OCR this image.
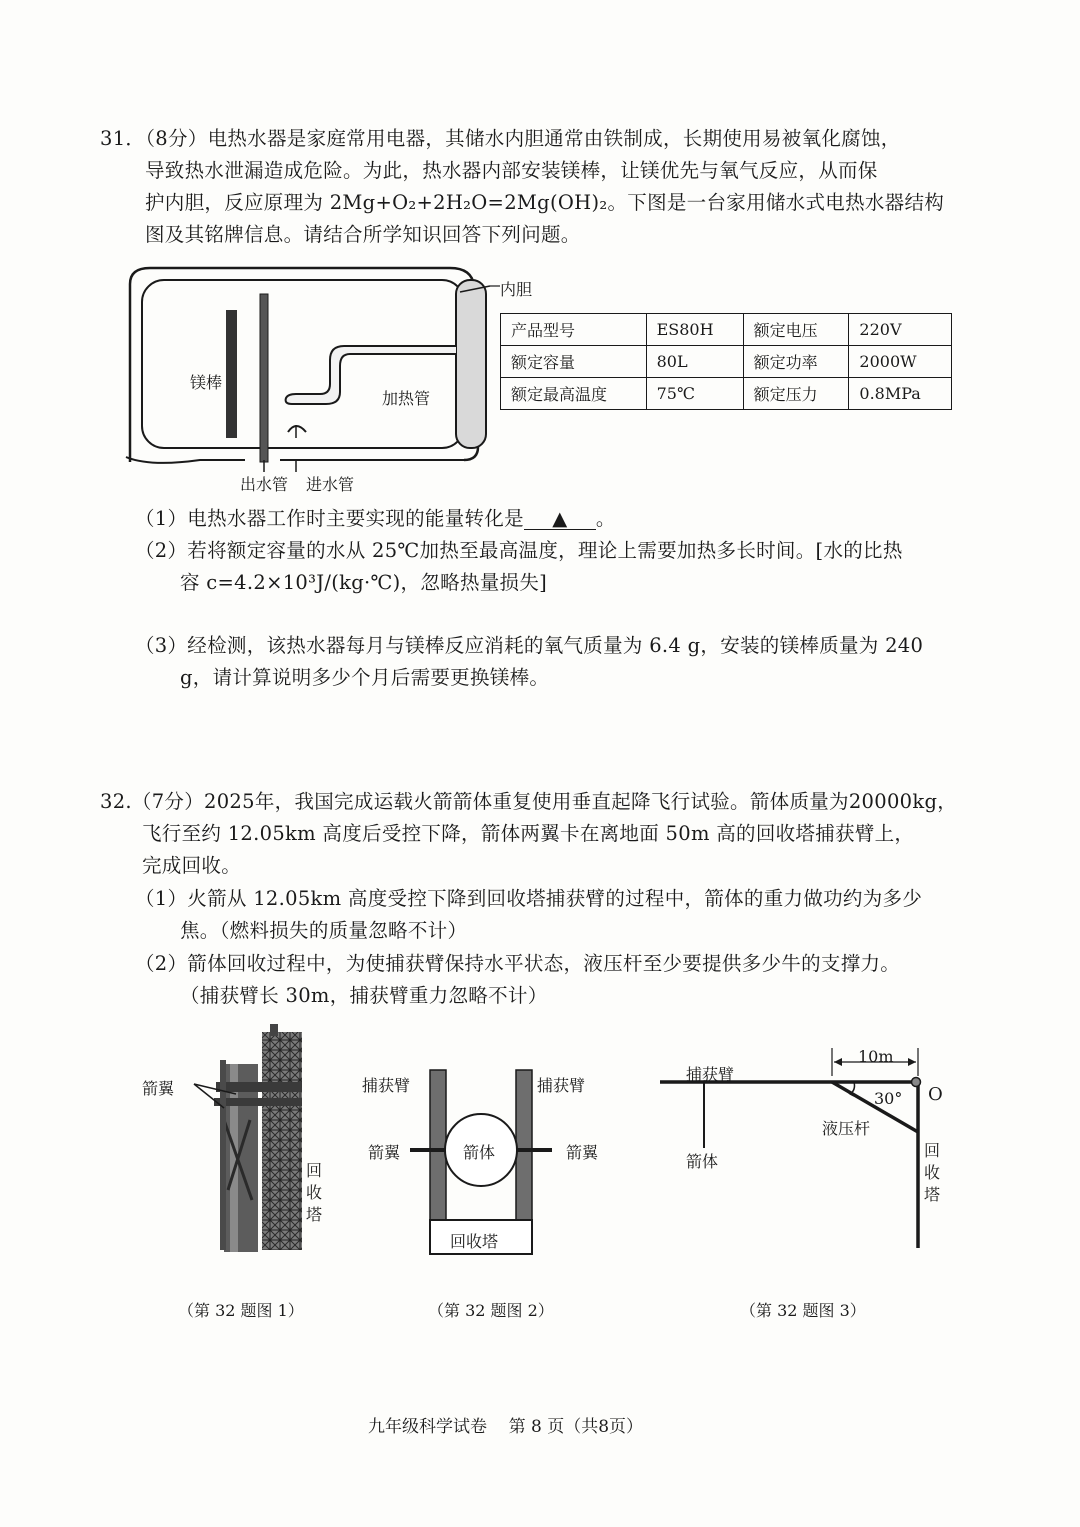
31．（8分）电热水器是家庭常用电器，其储水内胆通常由铁制成，长期使用易被氧化腐蚀，
导致热水泄漏造成危险。为此，热水器内部安装镁棒，让镁优先与氧气反应，从而保
护内胆，反应原理为 2Mg+O₂+2H₂O=2Mg(OH)₂。下图是一台家用储水式电热水器结构
图及其铭牌信息。请结合所学知识回答下列问题。
内胆
镁棒
加热管
出水管 进水管
产品型号	ES80H	额定电压	220V
额定容量	80L	额定功率	2000W
额定最高温度	75℃	额定压力	0.8MPa
（1）电热水器工作时主要实现的能量转化是 ▲ 。
（2）若将额定容量的水从 25℃加热至最高温度，理论上需要加热多长时间。[水的比热
容 c=4.2×10³J/(kg·℃)，忽略热量损失]
（3）经检测，该热水器每月与镁棒反应消耗的氧气质量为 6.4 g，安装的镁棒质量为 240
g，请计算说明多少个月后需要更换镁棒。
32.（7分）2025年，我国完成运载火箭箭体重复使用垂直起降飞行试验。箭体质量为20000kg，
飞行至约 12.05km 高度后受控下降，箭体两翼卡在离地面 50m 高的回收塔捕获臂上，
完成回收。
（1）火箭从 12.05km 高度受控下降到回收塔捕获臂的过程中，箭体的重力做功约为多少
焦。（燃料损失的质量忽略不计）
（2）箭体回收过程中，为使捕获臂保持水平状态，液压杆至少要提供多少牛的支撑力。
（捕获臂长 30m，捕获臂重力忽略不计）
箭翼
回
收
塔
（第 32 题图 1）
捕获臂	捕获臂
箭翼	箭翼
箭体
回收塔
（第 32 题图 2）
捕获臂
10m
30° O
液压杆
箭体
回
收
塔
（第 32 题图 3）
九年级科学试卷    第 8 页（共8页）
